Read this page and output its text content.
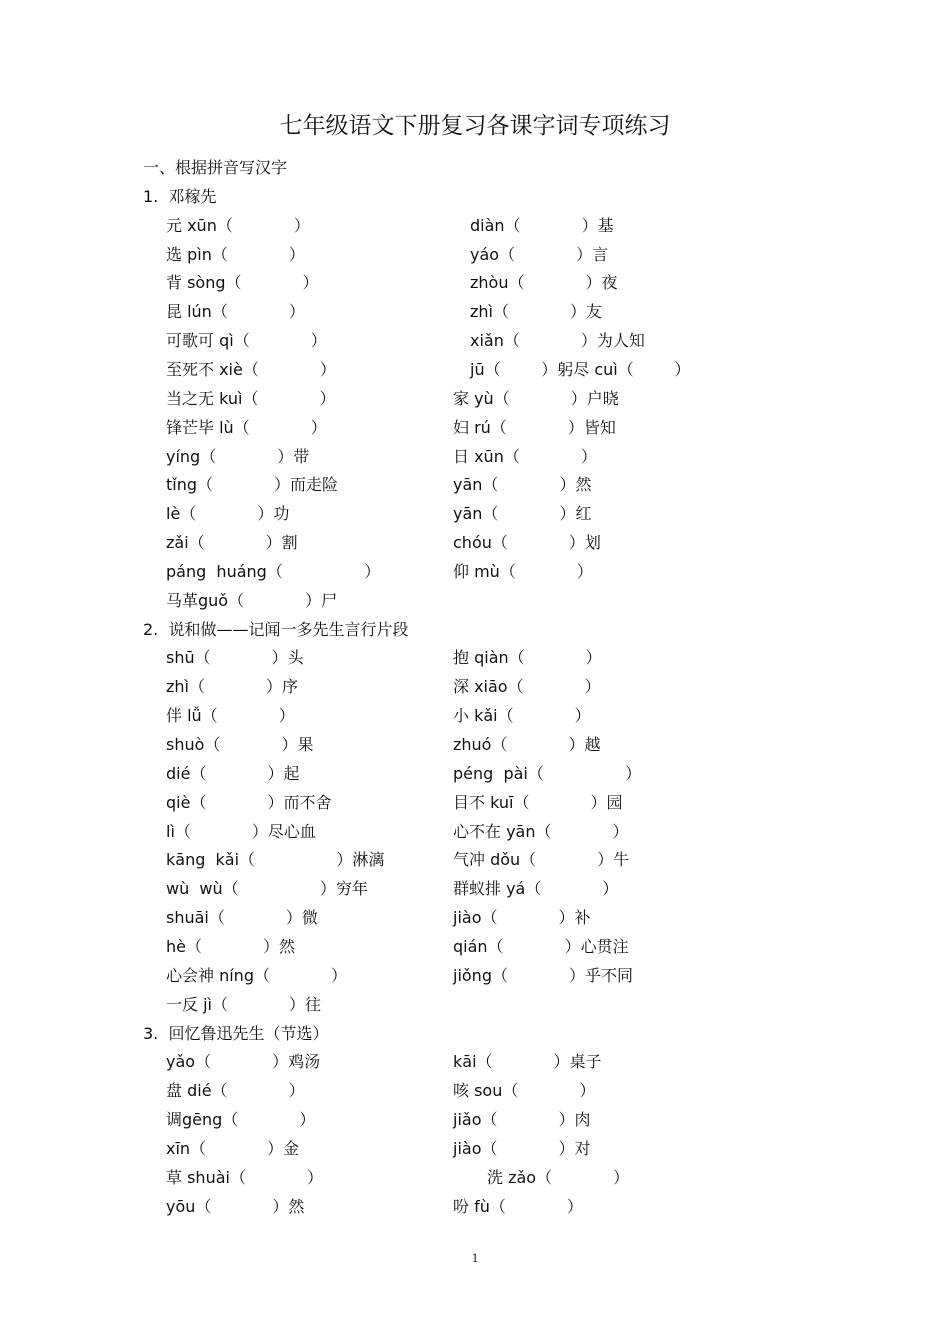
七年级语文下册复习各课字词专项练习
一、根据拼音写汉字
1.  邓稼先
元 xūn（            ）	diàn（            ）基
选 pìn（            ）	yáo（            ）言
背 sòng（            ）	zhòu（            ）夜
昆 lún（            ）	zhì（            ）友
可歌可 qì（            ）	xiǎn（            ）为人知
至死不 xiè（            ）	jū（        ）躬尽 cuì（        ）
当之无 kuì（            ）	家 yù（            ）户晓
锋芒毕 lù（            ）	妇 rú（            ）皆知
yíng（            ）带	日 xūn（            ）
tǐng（            ）而走险	yān（            ）然
lè（            ）功	yān（            ）红
zǎi（            ）割	chóu（            ）划
páng  huáng（                ）	仰 mù（            ）
马革guǒ（            ）尸
2.  说和做——记闻一多先生言行片段
shū（            ）头	抱 qiàn（            ）
zhì（            ）序	深 xiāo（            ）
伴 lǚ（            ）	小 kǎi（            ）
shuò（            ）果	zhuó（            ）越
dié（            ）起	péng  pài（                ）
qiè（            ）而不舍	目不 kuī（            ）园
lì（            ）尽心血	心不在 yān（            ）
kāng  kǎi（                ）淋漓	气冲 dǒu（            ）牛
wù  wù（                ）穷年	群蚁排 yá（            ）
shuāi（            ）微	jiào（            ）补
hè（            ）然	qián（            ）心贯注
心会神 níng（            ）	jiǒng（            ）乎不同
一反 jì（            ）往
3.  回忆鲁迅先生（节选）
yǎo（            ）鸡汤	kāi（            ）桌子
盘 dié（            ）	咳 sou（            ）
调gēng（            ）	jiǎo（            ）肉
xīn（            ）金	jiào（            ）对
草 shuài（            ）	洗 zǎo（            ）
yōu（            ）然	吩 fù（            ）
1
